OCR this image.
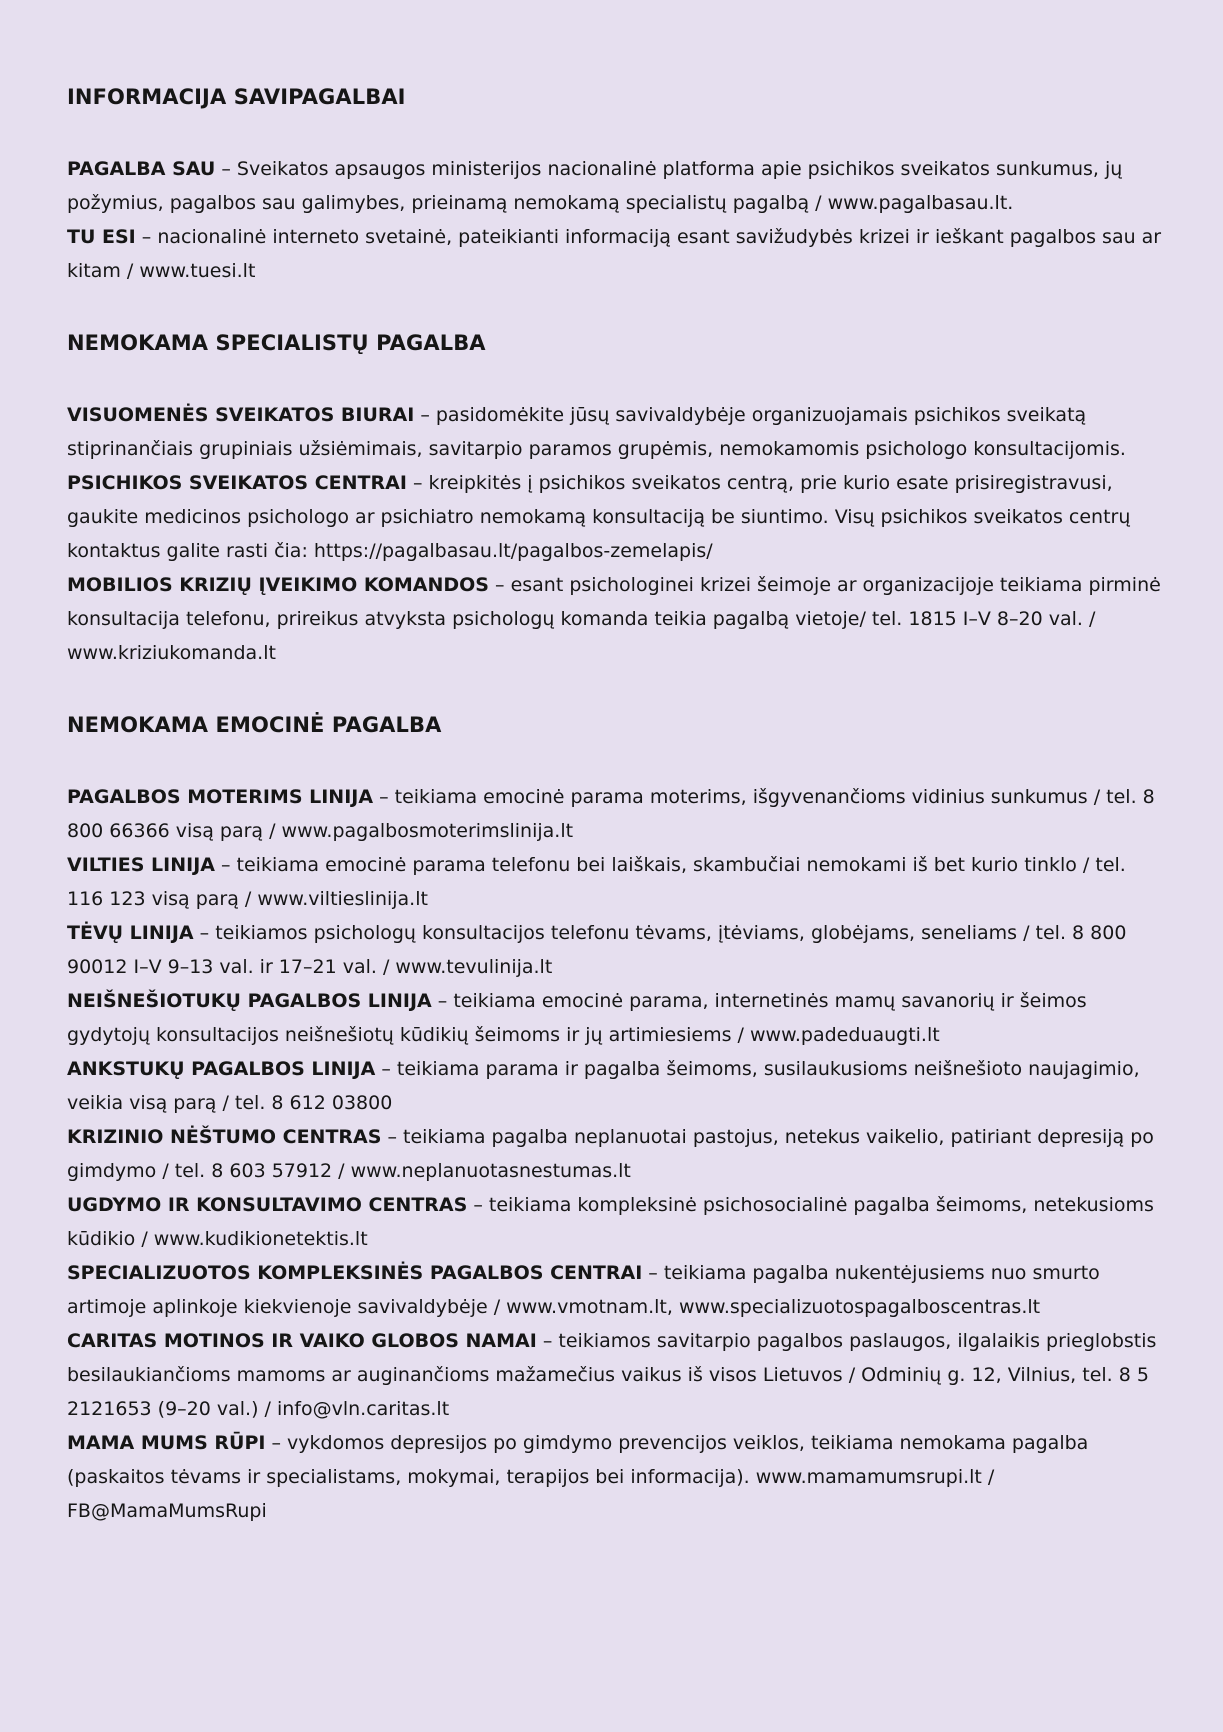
INFORMACIJA SAVIPAGALBAI

PAGALBA SAU – Sveikatos apsaugos ministerijos nacionalinė platforma apie psichikos sveikatos sunkumus, jų požymius, pagalbos sau galimybes, prieinamą nemokamą specialistų pagalbą / www.pagalbasau.lt.

TU ESI – nacionalinė interneto svetainė, pateikianti informaciją esant savižudybės krizei ir ieškant pagalbos sau ar kitam / www.tuesi.lt

NEMOKAMA SPECIALISTŲ PAGALBA

VISUOMENĖS SVEIKATOS BIURAI – pasidomėkite jūsų savivaldybėje organizuojamais psichikos sveikatą stiprinančiais grupiniais užsiėmimais, savitarpio paramos grupėmis, nemokamomis psichologo konsultacijomis.

PSICHIKOS SVEIKATOS CENTRAI – kreipkitės į psichikos sveikatos centrą, prie kurio esate prisiregistravusi, gaukite medicinos psichologo ar psichiatro nemokamą konsultaciją be siuntimo. Visų psichikos sveikatos centrų kontaktus galite rasti čia: https://pagalbasau.lt/pagalbos-zemelapis/

MOBILIOS KRIZIŲ ĮVEIKIMO KOMANDOS – esant psichologinei krizei šeimoje ar organizacijoje teikiama pirminė konsultacija telefonu, prireikus atvyksta psichologų komanda teikia pagalbą vietoje/ tel. 1815 I–V 8–20 val. / www.kriziukomanda.lt

NEMOKAMA EMOCINĖ PAGALBA

PAGALBOS MOTERIMS LINIJA – teikiama emocinė parama moterims, išgyvenančioms vidinius sunkumus / tel. 8 800 66366 visą parą / www.pagalbosmoterimslinija.lt

VILTIES LINIJA – teikiama emocinė parama telefonu bei laiškais, skambučiai nemokami iš bet kurio tinklo / tel. 116 123 visą parą / www.viltieslinija.lt

TĖVŲ LINIJA – teikiamos psichologų konsultacijos telefonu tėvams, įtėviams, globėjams, seneliams / tel. 8 800 90012 I–V 9–13 val. ir 17–21 val. / www.tevulinija.lt

NEIŠNEŠIOTUKŲ PAGALBOS LINIJA – teikiama emocinė parama, internetinės mamų savanorių ir šeimos gydytojų konsultacijos neišnešiotų kūdikių šeimoms ir jų artimiesiems / www.padeduaugti.lt

ANKSTUKŲ PAGALBOS LINIJA – teikiama parama ir pagalba šeimoms, susilaukusioms neišnešioto naujagimio, veikia visą parą / tel. 8 612 03800

KRIZINIO NĖŠTUMO CENTRAS – teikiama pagalba neplanuotai pastojus, netekus vaikelio, patiriant depresiją po gimdymo / tel. 8 603 57912 / www.neplanuotasnestumas.lt

UGDYMO IR KONSULTAVIMO CENTRAS – teikiama kompleksinė psichosocialinė pagalba šeimoms, netekusioms kūdikio / www.kudikionetektis.lt

SPECIALIZUOTOS KOMPLEKSINĖS PAGALBOS CENTRAI – teikiama pagalba nukentėjusiems nuo smurto artimoje aplinkoje kiekvienoje savivaldybėje / www.vmotnam.lt, www.specializuotospagalboscentras.lt

CARITAS MOTINOS IR VAIKO GLOBOS NAMAI – teikiamos savitarpio pagalbos paslaugos, ilgalaikis prieglobstis besilaukiančioms mamoms ar auginančioms mažamečius vaikus iš visos Lietuvos / Odminių g. 12, Vilnius, tel. 8 5 2121653 (9–20 val.) / info@vln.caritas.lt

MAMA MUMS RŪPI – vykdomos depresijos po gimdymo prevencijos veiklos, teikiama nemokama pagalba (paskaitos tėvams ir specialistams, mokymai, terapijos bei informacija). www.mamamumsrupi.lt / FB@MamaMumsRupi
